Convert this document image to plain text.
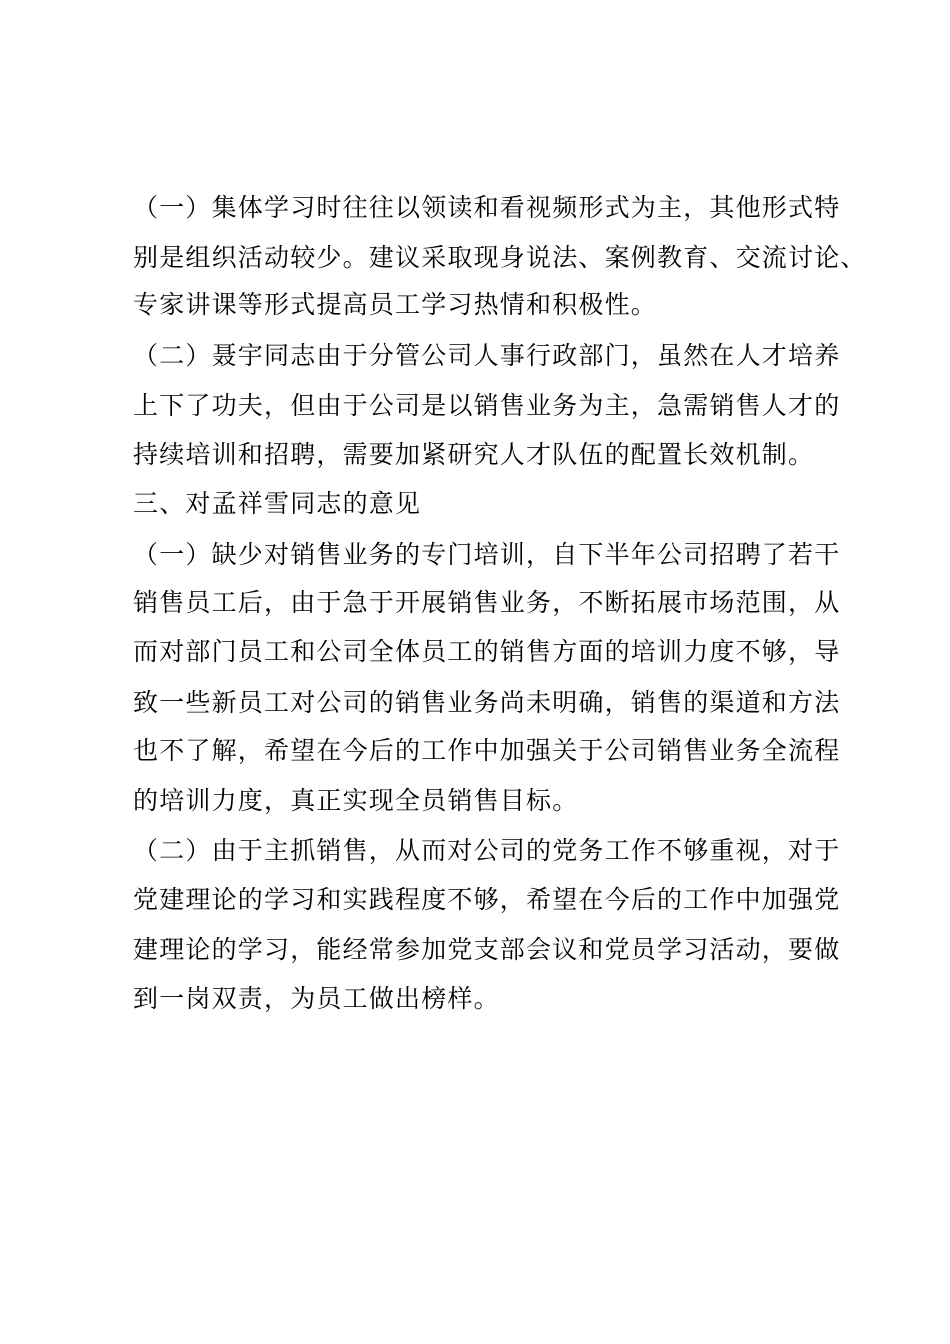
（一）集体学习时往往以领读和看视频形式为主，其他形式特
别是组织活动较少。建议采取现身说法、案例教育、交流讨论、
专家讲课等形式提高员工学习热情和积极性。
（二）聂宇同志由于分管公司人事行政部门，虽然在人才培养
上下了功夫，但由于公司是以销售业务为主，急需销售人才的
持续培训和招聘，需要加紧研究人才队伍的配置长效机制。
三、对孟祥雪同志的意见
（一）缺少对销售业务的专门培训，自下半年公司招聘了若干
销售员工后，由于急于开展销售业务，不断拓展市场范围，从
而对部门员工和公司全体员工的销售方面的培训力度不够，导
致一些新员工对公司的销售业务尚未明确，销售的渠道和方法
也不了解，希望在今后的工作中加强关于公司销售业务全流程
的培训力度，真正实现全员销售目标。
（二）由于主抓销售，从而对公司的党务工作不够重视，对于
党建理论的学习和实践程度不够，希望在今后的工作中加强党
建理论的学习，能经常参加党支部会议和党员学习活动，要做
到一岗双责，为员工做出榜样。
